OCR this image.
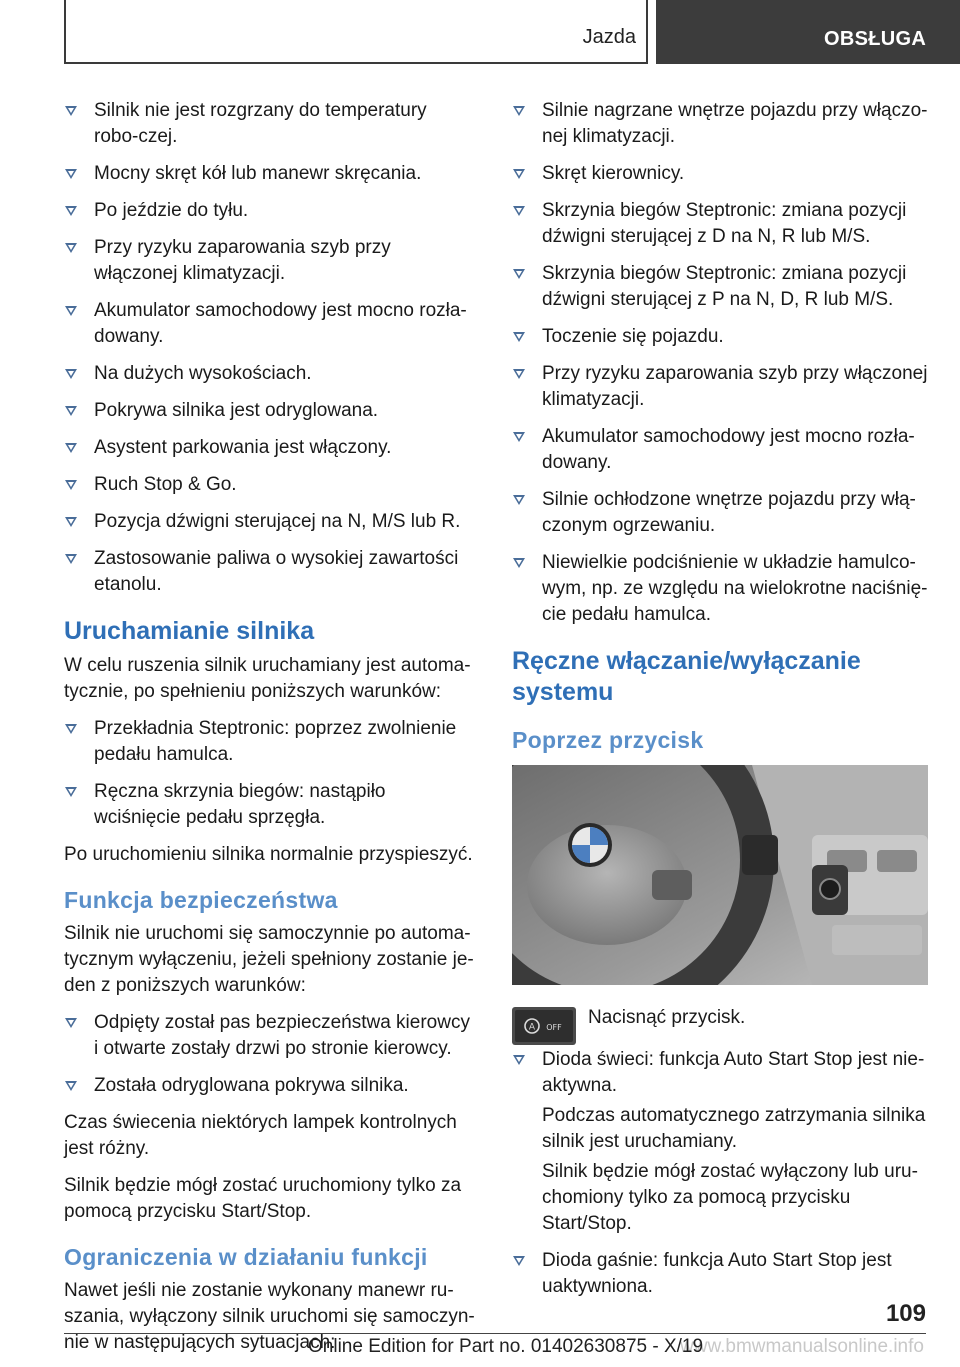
Jazda	OBSŁUGA
Silnik nie jest rozgrzany do temperatury robo-czej.
Mocny skręt kół lub manewr skręcania.
Po jeździe do tyłu.
Przy ryzyku zaparowania szyb przy włączonej klimatyzacji.
Akumulator samochodowy jest mocno rozła-dowany.
Na dużych wysokościach.
Pokrywa silnika jest odryglowana.
Asystent parkowania jest włączony.
Ruch Stop & Go.
Pozycja dźwigni sterującej na N, M/S lub R.
Zastosowanie paliwa o wysokiej zawartości etanolu.
Uruchamianie silnika

W celu ruszenia silnik uruchamiany jest automa-tycznie, po spełnieniu poniższych warunków:

Przekładnia Steptronic: poprzez zwolnienie pedału hamulca.
Ręczna skrzynia biegów: nastąpiło wciśnięcie pedału sprzęgła.

Po uruchomieniu silnika normalnie przyspieszyć.

Funkcja bezpieczeństwa

Silnik nie uruchomi się samoczynnie po automa-tycznym wyłączeniu, jeżeli spełniony zostanie je-den z poniższych warunków:

Odpięty został pas bezpieczeństwa kierowcy i otwarte zostały drzwi po stronie kierowcy.
Została odryglowana pokrywa silnika.

Czas świecenia niektórych lampek kontrolnych jest różny.

Silnik będzie mógł zostać uruchomiony tylko za pomocą przycisku Start/Stop.

Ograniczenia w działaniu funkcji

Nawet jeśli nie zostanie wykonany manewr ru-szania, wyłączony silnik uruchomi się samoczyn-nie w następujących sytuacjach:

Silnie nagrzane wnętrze pojazdu przy włączo-nej klimatyzacji.
Skręt kierownicy.
Skrzynia biegów Steptronic: zmiana pozycji dźwigni sterującej z D na N, R lub M/S.
Skrzynia biegów Steptronic: zmiana pozycji dźwigni sterującej z P na N, D, R lub M/S.
Toczenie się pojazdu.
Przy ryzyku zaparowania szyb przy włączonej klimatyzacji.
Akumulator samochodowy jest mocno rozła-dowany.
Silnie ochłodzone wnętrze pojazdu przy włą-czonym ogrzewaniu.
Niewielkie podciśnienie w układzie hamulco-wym, np. ze względu na wielokrotne naciśnię-cie pedału hamulca.
Ręczne włączanie/wyłączanie systemu
Poprzez przycisk
A OFF Nacisnąć przycisk.
Dioda świeci: funkcja Auto Start Stop jest nie-aktywna.

Podczas automatycznego zatrzymania silnika silnik jest uruchamiany.

Silnik będzie mógł zostać wyłączony lub uru-chomiony tylko za pomocą przycisku Start/Stop.

Dioda gaśnie: funkcja Auto Start Stop jest uaktywniona.
109
www.bmwmanualsonline.info
Online Edition for Part no. 01402630875 - X/19
